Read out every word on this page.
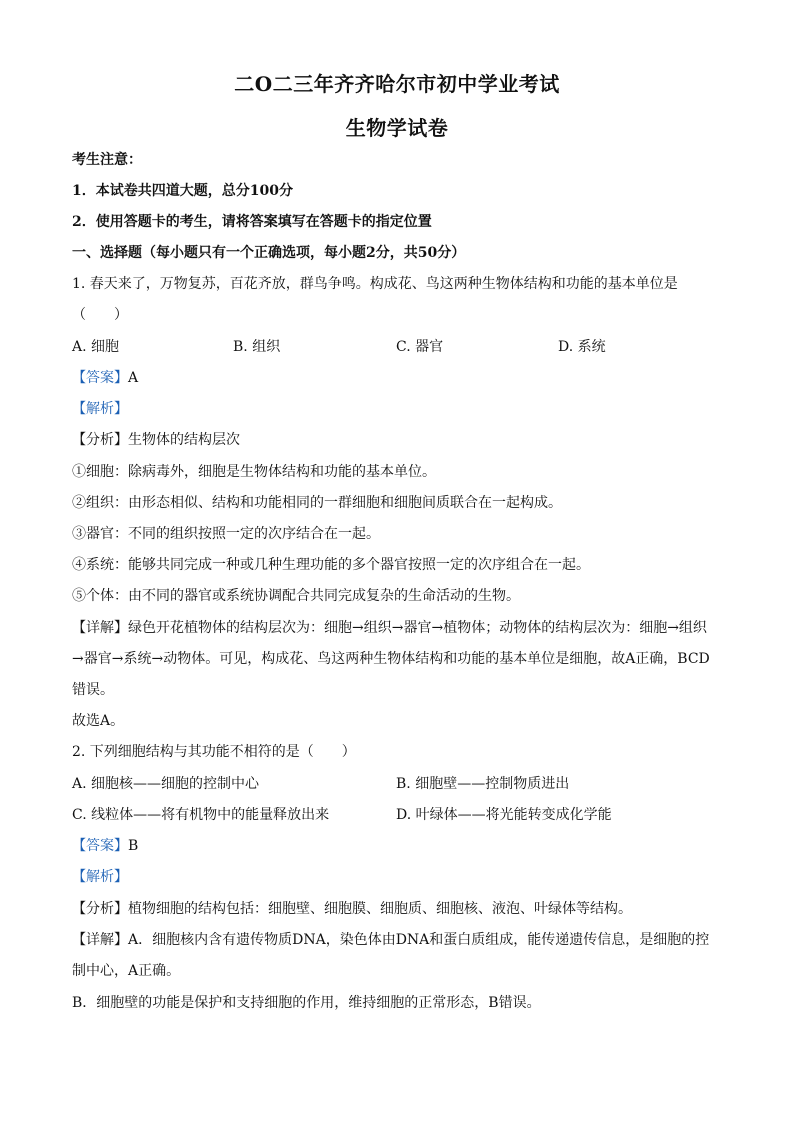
二O二三年齐齐哈尔市初中学业考试
生物学试卷
考生注意：
1．本试卷共四道大题，总分100分
2．使用答题卡的考生，请将答案填写在答题卡的指定位置
一、选择题（每小题只有一个正确选项，每小题2分，共50分）
1. 春天来了，万物复苏，百花齐放，群鸟争鸣。构成花、鸟这两种生物体结构和功能的基本单位是
（　　）
A. 细胞	B. 组织	C. 器官	D. 系统
【答案】A
【解析】
【分析】生物体的结构层次
①细胞：除病毒外，细胞是生物体结构和功能的基本单位。
②组织：由形态相似、结构和功能相同的一群细胞和细胞间质联合在一起构成。
③器官：不同的组织按照一定的次序结合在一起。
④系统：能够共同完成一种或几种生理功能的多个器官按照一定的次序组合在一起。
⑤个体：由不同的器官或系统协调配合共同完成复杂的生命活动的生物。
【详解】绿色开花植物体的结构层次为：细胞→组织→器官→植物体；动物体的结构层次为：细胞→组织
→器官→系统→动物体。可见，构成花、鸟这两种生物体结构和功能的基本单位是细胞，故A正确，BCD
错误。
故选A。
2. 下列细胞结构与其功能不相符的是（　　）
A. 细胞核——细胞的控制中心	B. 细胞壁——控制物质进出
C. 线粒体——将有机物中的能量释放出来	D. 叶绿体——将光能转变成化学能
【答案】B
【解析】
【分析】植物细胞的结构包括：细胞壁、细胞膜、细胞质、细胞核、液泡、叶绿体等结构。
【详解】A．细胞核内含有遗传物质DNA，染色体由DNA和蛋白质组成，能传递遗传信息，是细胞的控
制中心，A正确。
B．细胞壁的功能是保护和支持细胞的作用，维持细胞的正常形态，B错误。
